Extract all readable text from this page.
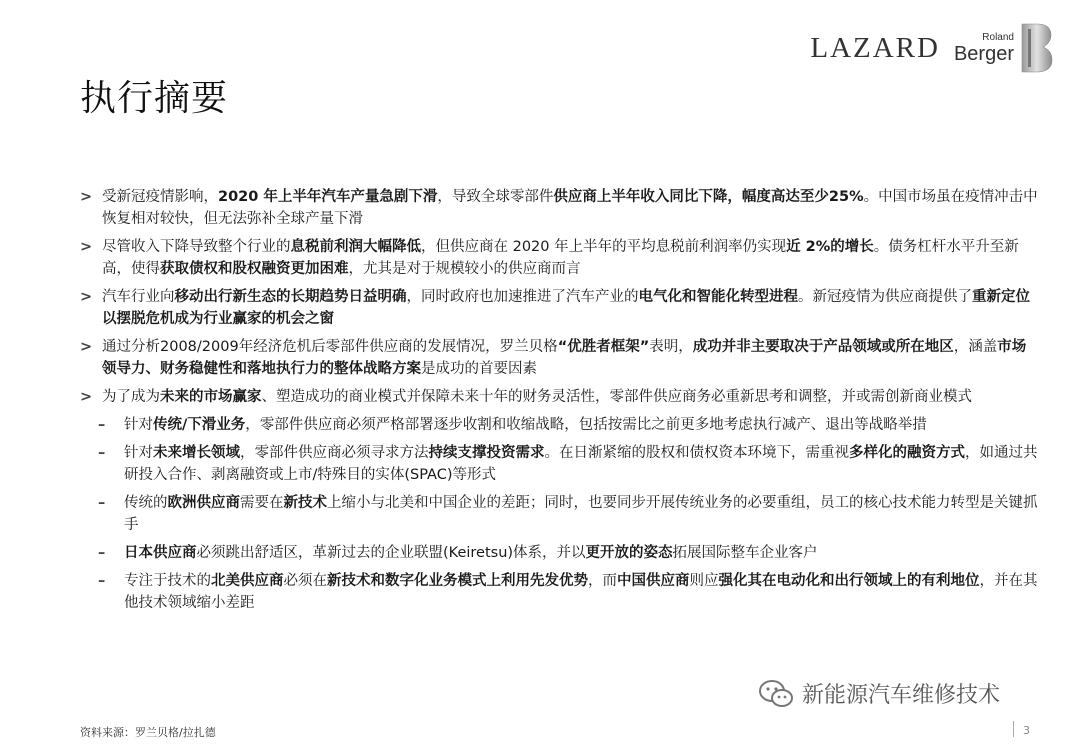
LAZARD	Roland
Berger
执行摘要
> 受新冠疫情影响，2020 年上半年汽车产量急剧下滑，导致全球零部件供应商上半年收入同比下降，幅度高达至少25%。中国市场虽在疫情冲击中恢复相对较快，但无法弥补全球产量下滑
> 尽管收入下降导致整个行业的息税前利润大幅降低，但供应商在 2020 年上半年的平均息税前利润率仍实现近 2%的增长。债务杠杆水平升至新高，使得获取债权和股权融资更加困难，尤其是对于规模较小的供应商而言
> 汽车行业向移动出行新生态的长期趋势日益明确，同时政府也加速推进了汽车产业的电气化和智能化转型进程。新冠疫情为供应商提供了重新定位以摆脱危机成为行业赢家的机会之窗
> 通过分析2008/2009年经济危机后零部件供应商的发展情况，罗兰贝格“优胜者框架”表明，成功并非主要取决于产品领域或所在地区，涵盖市场领导力、财务稳健性和落地执行力的整体战略方案是成功的首要因素
> 为了成为未来的市场赢家、塑造成功的商业模式并保障未来十年的财务灵活性，零部件供应商务必重新思考和调整，并或需创新商业模式
– 针对传统/下滑业务，零部件供应商必须严格部署逐步收割和收缩战略，包括按需比之前更多地考虑执行减产、退出等战略举措
– 针对未来增长领域，零部件供应商必须寻求方法持续支撑投资需求。在日渐紧缩的股权和债权资本环境下，需重视多样化的融资方式，如通过共研投入合作、剥离融资或上市/特殊目的实体(SPAC)等形式
– 传统的欧洲供应商需要在新技术上缩小与北美和中国企业的差距；同时，也要同步开展传统业务的必要重组，员工的核心技术能力转型是关键抓手
– 日本供应商必须跳出舒适区，革新过去的企业联盟(Keiretsu)体系，并以更开放的姿态拓展国际整车企业客户
– 专注于技术的北美供应商必须在新技术和数字化业务模式上利用先发优势，而中国供应商则应强化其在电动化和出行领域上的有利地位，并在其他技术领域缩小差距
新能源汽车维修技术
资料来源：罗兰贝格/拉扎德	3
